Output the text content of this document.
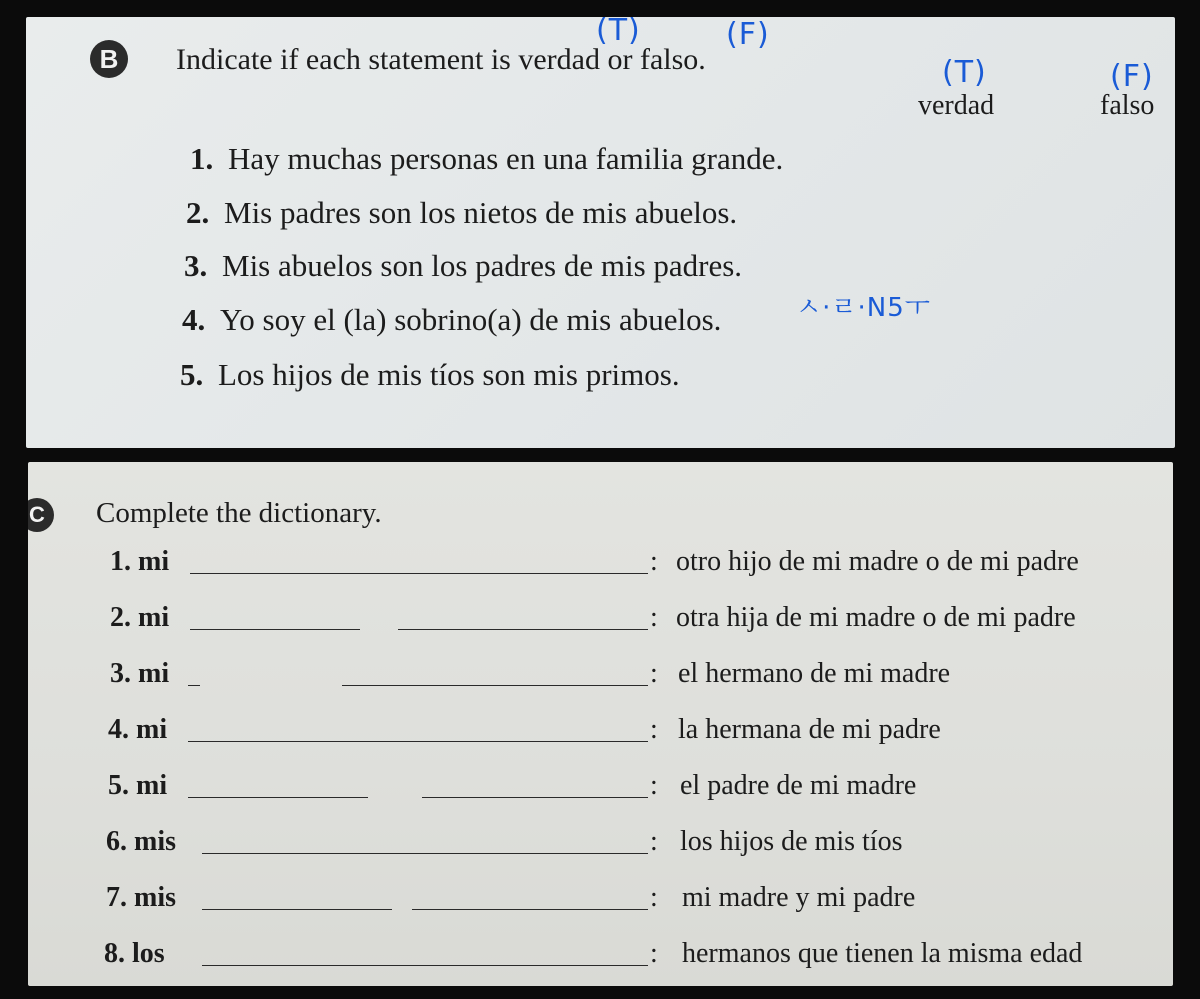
B	Indicate if each statement is verdad or falso.
(T)	(F)
(T)	(F)
verdad	falso
1. Hay muchas personas en una familia grande.
2. Mis padres son los nietos de mis abuelos.
3. Mis abuelos son los padres de mis padres.
4. Yo soy el (la) sobrino(a) de mis abuelos.
5. Los hijos de mis tíos son mis primos.
ㅅ·ㄹ·N5ㅜ
C	Complete the dictionary.
1. mi	: otro hijo de mi madre o de mi padre
2. mi	: otra hija de mi madre o de mi padre
3. mi	: el hermano de mi madre
4. mi	: la hermana de mi padre
5. mi	: el padre de mi madre
6. mis	: los hijos de mis tíos
7. mis	: mi madre y mi padre
8. los	: hermanos que tienen la misma edad
